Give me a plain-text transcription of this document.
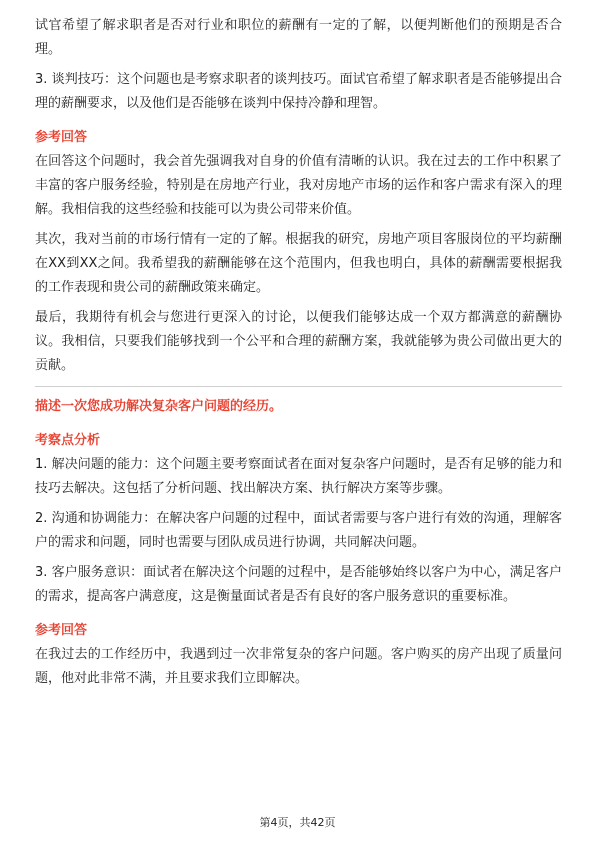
试官希望了解求职者是否对行业和职位的薪酬有一定的了解，以便判断他们的预期是否合理。

3. 谈判技巧：这个问题也是考察求职者的谈判技巧。面试官希望了解求职者是否能够提出合理的薪酬要求，以及他们是否能够在谈判中保持冷静和理智。

参考回答

在回答这个问题时，我会首先强调我对自身的价值有清晰的认识。我在过去的工作中积累了丰富的客户服务经验，特别是在房地产行业，我对房地产市场的运作和客户需求有深入的理解。我相信我的这些经验和技能可以为贵公司带来价值。

其次，我对当前的市场行情有一定的了解。根据我的研究，房地产项目客服岗位的平均薪酬在XX到XX之间。我希望我的薪酬能够在这个范围内，但我也明白，具体的薪酬需要根据我的工作表现和贵公司的薪酬政策来确定。

最后，我期待有机会与您进行更深入的讨论，以便我们能够达成一个双方都满意的薪酬协议。我相信，只要我们能够找到一个公平和合理的薪酬方案，我就能够为贵公司做出更大的贡献。

描述一次您成功解决复杂客户问题的经历。

考察点分析

1. 解决问题的能力：这个问题主要考察面试者在面对复杂客户问题时，是否有足够的能力和技巧去解决。这包括了分析问题、找出解决方案、执行解决方案等步骤。

2. 沟通和协调能力：在解决客户问题的过程中，面试者需要与客户进行有效的沟通，理解客户的需求和问题，同时也需要与团队成员进行协调，共同解决问题。

3. 客户服务意识：面试者在解决这个问题的过程中，是否能够始终以客户为中心，满足客户的需求，提高客户满意度，这是衡量面试者是否有良好的客户服务意识的重要标准。

参考回答

在我过去的工作经历中，我遇到过一次非常复杂的客户问题。客户购买的房产出现了质量问题，他对此非常不满，并且要求我们立即解决。

第4页，共42页
